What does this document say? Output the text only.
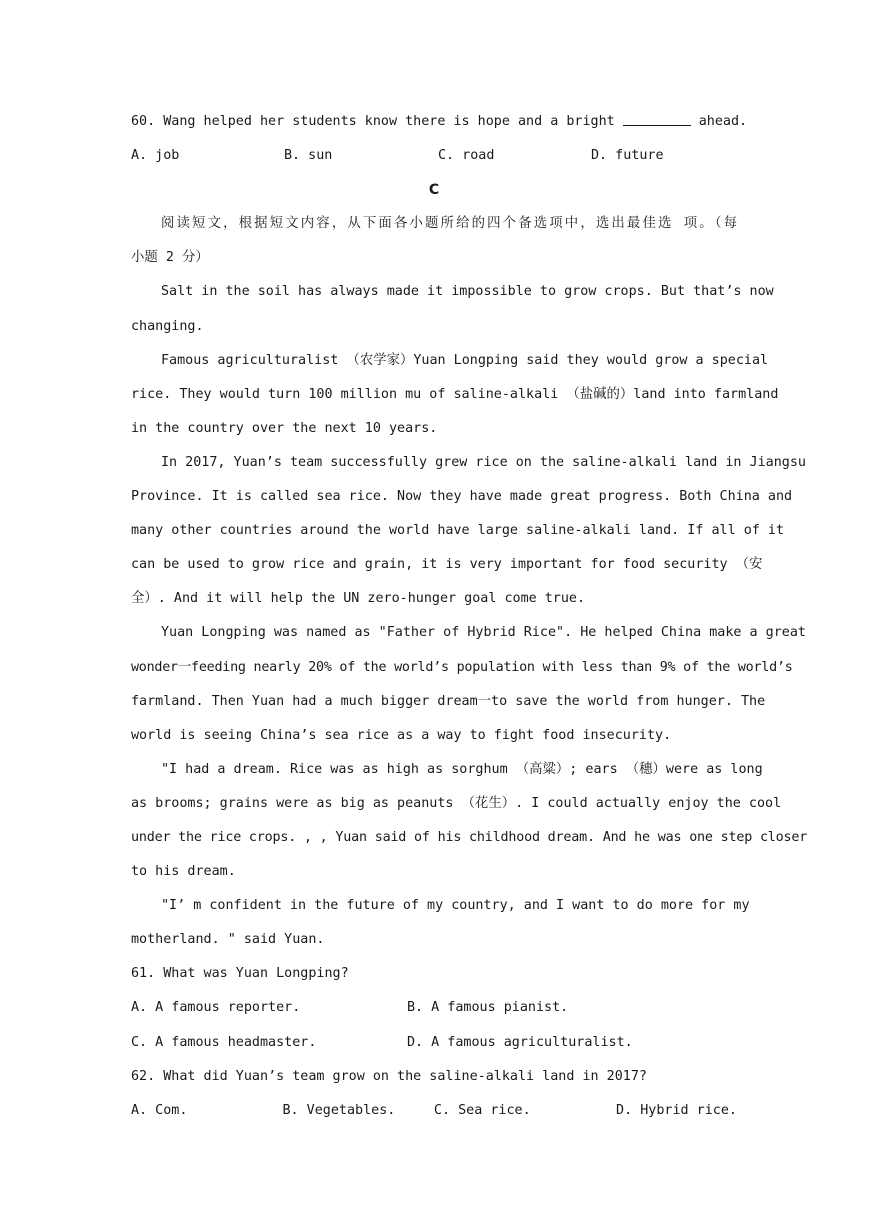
60. Wang helped her students know there is hope and a bright	ahead.
A. job	B. sun	C. road	D. future
C
阅读短文，根据短文内容，从下面各小题所给的四个备选项中，选出最佳选 项。（每
小题 2 分）
Salt in the soil has always made it impossible to grow crops. But that’s now
changing.
Famous agriculturalist （农学家）Yuan Longping said they would grow a special
rice. They would turn 100 million mu of saline-alkali （盐碱的）land into farmland
in the country over the next 10 years.
In 2017, Yuan’s team successfully grew rice on the saline-alkali land in Jiangsu
Province. It is called sea rice. Now they have made great progress. Both China and
many other countries around the world have large saline-alkali land. If all of it
can be used to grow rice and grain, it is very important for food security （安
全）. And it will help the UN zero-hunger goal come true.
Yuan Longping was named as "Father of Hybrid Rice". He helped China make a great
wonder一feeding nearly 20% of the world’s population with less than 9% of the world’s
farmland. Then Yuan had a much bigger dream一to save the world from hunger. The
world is seeing China’s sea rice as a way to fight food insecurity.
"I had a dream. Rice was as high as sorghum （高粱）; ears （穗）were as long
as brooms; grains were as big as peanuts （花生）. I could actually enjoy the cool
under the rice crops. , , Yuan said of his childhood dream. And he was one step closer
to his dream.
"I’ m confident in the future of my country, and I want to do more for my
motherland. " said Yuan.
61. What was Yuan Longping?
A. A famous reporter.	B. A famous pianist.
C. A famous headmaster.	D. A famous agriculturalist.
62. What did Yuan’s team grow on the saline-alkali land in 2017?
A. Com.	B. Vegetables.	C. Sea rice.	D. Hybrid rice.
